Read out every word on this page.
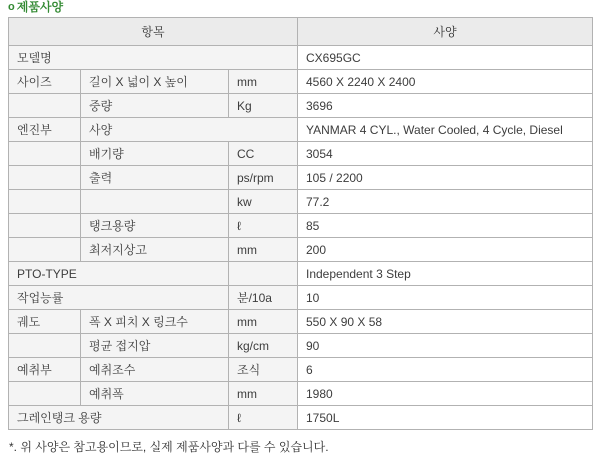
o 제품사양
항목			사양
모델명			CX695GC
사이즈	길이 X 넓이 X 높이	mm	4560 X 2240 X 2400
	중량	Kg	3696
엔진부	사양		YANMAR 4 CYL., Water Cooled, 4 Cycle, Diesel
	배기량	CC	3054
	출력	ps/rpm	105 / 2200
		kw	77.2
	탱크용량	ℓ	85
	최저지상고	mm	200
PTO-TYPE			Independent 3 Step
작업능률		분/10a	10
궤도	폭 X 피치 X 링크수	mm	550 X 90 X 58
	평균 접지압	kg/cm	90
예취부	예취조수	조식	6
	예취폭	mm	1980
그레인탱크 용량		ℓ	1750L
*. 위 사양은 참고용이므로, 실제 제품사양과 다를 수 있습니다.
